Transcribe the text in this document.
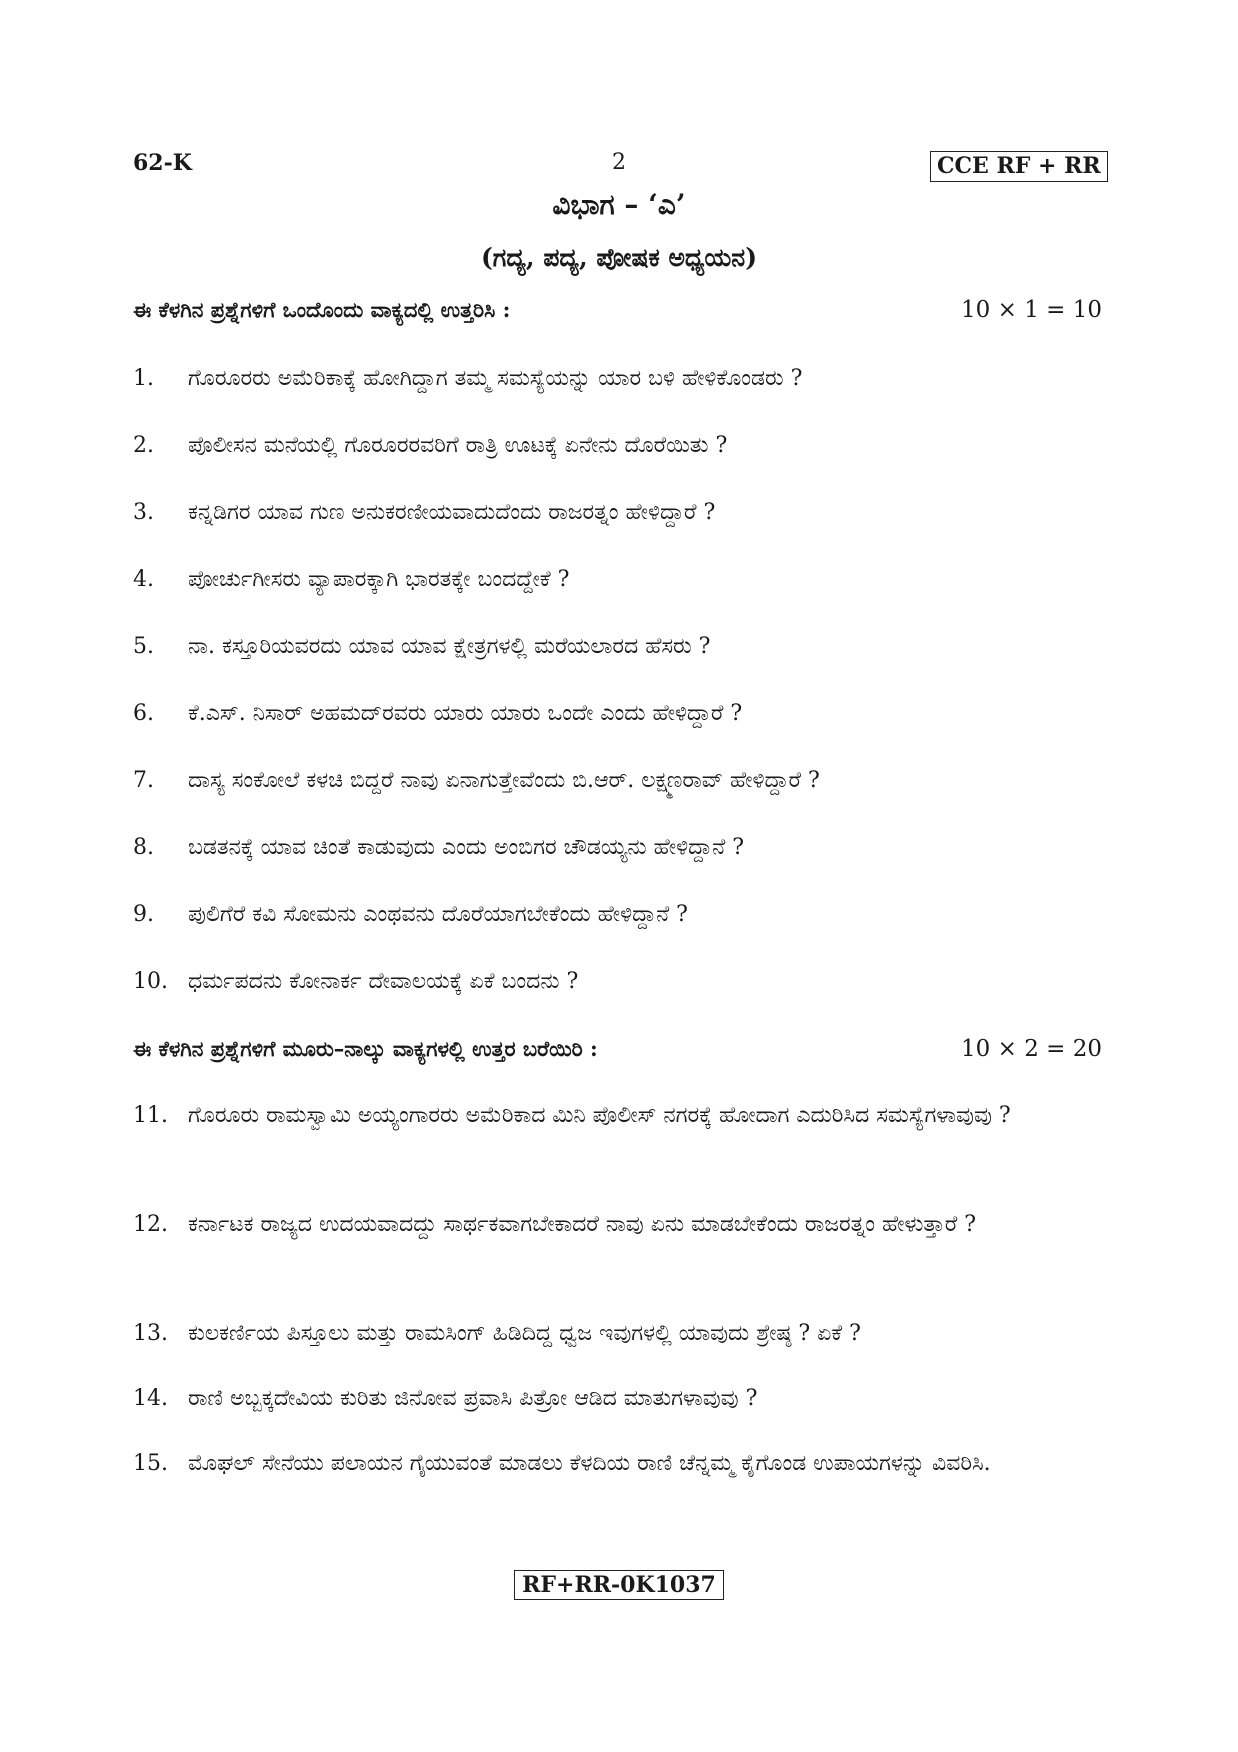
62-K	2	CCE RF + RR
ವಿಭಾಗ – ‘ಎ’
(ಗದ್ಯ, ಪದ್ಯ, ಪೋಷಕ ಅಧ್ಯಯನ)
ಈ ಕೆಳಗಿನ ಪ್ರಶ್ನೆಗಳಿಗೆ ಒಂದೊಂದು ವಾಕ್ಯದಲ್ಲಿ ಉತ್ತರಿಸಿ :	10 × 1 = 10
1. ಗೊರೂರರು ಅಮೆರಿಕಾಕ್ಕೆ ಹೋಗಿದ್ದಾಗ ತಮ್ಮ ಸಮಸ್ಯೆಯನ್ನು ಯಾರ ಬಳಿ ಹೇಳಿಕೊಂಡರು ?
2. ಪೊಲೀಸನ ಮನೆಯಲ್ಲಿ ಗೊರೂರರವರಿಗೆ ರಾತ್ರಿ ಊಟಕ್ಕೆ ಏನೇನು ದೊರೆಯಿತು ?
3. ಕನ್ನಡಿಗರ ಯಾವ ಗುಣ ಅನುಕರಣೀಯವಾದುದೆಂದು ರಾಜರತ್ನಂ ಹೇಳಿದ್ದಾರೆ ?
4. ಪೋರ್ಚುಗೀಸರು ವ್ಯಾಪಾರಕ್ಕಾಗಿ ಭಾರತಕ್ಕೇ ಬಂದದ್ದೇಕೆ ?
5. ನಾ. ಕಸ್ತೂರಿಯವರದು ಯಾವ ಯಾವ ಕ್ಷೇತ್ರಗಳಲ್ಲಿ ಮರೆಯಲಾರದ ಹೆಸರು ?
6. ಕೆ.ಎಸ್. ನಿಸಾರ್ ಅಹಮದ್‌ರವರು ಯಾರು ಯಾರು ಒಂದೇ ಎಂದು ಹೇಳಿದ್ದಾರೆ ?
7. ದಾಸ್ಯ ಸಂಕೋಲೆ ಕಳಚಿ ಬಿದ್ದರೆ ನಾವು ಏನಾಗುತ್ತೇವೆಂದು ಬಿ.ಆರ್. ಲಕ್ಷ್ಮಣರಾವ್ ಹೇಳಿದ್ದಾರೆ ?
8. ಬಡತನಕ್ಕೆ ಯಾವ ಚಿಂತೆ ಕಾಡುವುದು ಎಂದು ಅಂಬಿಗರ ಚೌಡಯ್ಯನು ಹೇಳಿದ್ದಾನೆ ?
9. ಪುಲಿಗೆರೆ ಕವಿ ಸೋಮನು ಎಂಥವನು ದೊರೆಯಾಗಬೇಕೆಂದು ಹೇಳಿದ್ದಾನೆ ?
10. ಧರ್ಮಪದನು ಕೋನಾರ್ಕ ದೇವಾಲಯಕ್ಕೆ ಏಕೆ ಬಂದನು ?
ಈ ಕೆಳಗಿನ ಪ್ರಶ್ನೆಗಳಿಗೆ ಮೂರು–ನಾಲ್ಕು ವಾಕ್ಯಗಳಲ್ಲಿ ಉತ್ತರ ಬರೆಯಿರಿ :	10 × 2 = 20
11. ಗೊರೂರು ರಾಮಸ್ವಾಮಿ ಅಯ್ಯಂಗಾರರು ಅಮೆರಿಕಾದ ಮಿನಿ ಪೊಲೀಸ್ ನಗರಕ್ಕೆ ಹೋದಾಗ ಎದುರಿಸಿದ ಸಮಸ್ಯೆಗಳಾವುವು ?
12. ಕರ್ನಾಟಕ ರಾಜ್ಯದ ಉದಯವಾದದ್ದು ಸಾರ್ಥಕವಾಗಬೇಕಾದರೆ ನಾವು ಏನು ಮಾಡಬೇಕೆಂದು ರಾಜರತ್ನಂ ಹೇಳುತ್ತಾರೆ ?
13. ಕುಲಕರ್ಣಿಯ ಪಿಸ್ತೂಲು ಮತ್ತು ರಾಮಸಿಂಗ್ ಹಿಡಿದಿದ್ದ ಧ್ವಜ ಇವುಗಳಲ್ಲಿ ಯಾವುದು ಶ್ರೇಷ್ಠ ? ಏಕೆ ?
14. ರಾಣಿ ಅಬ್ಬಕ್ಕದೇವಿಯ ಕುರಿತು ಜಿನೋವ ಪ್ರವಾಸಿ ಪಿತ್ರೋ ಆಡಿದ ಮಾತುಗಳಾವುವು ?
15. ಮೊಘಲ್ ಸೇನೆಯು ಪಲಾಯನ ಗೈಯುವಂತೆ ಮಾಡಲು ಕೆಳದಿಯ ರಾಣಿ ಚೆನ್ನಮ್ಮ ಕೈಗೊಂಡ ಉಪಾಯಗಳನ್ನು ವಿವರಿಸಿ.
RF+RR-0K1037
